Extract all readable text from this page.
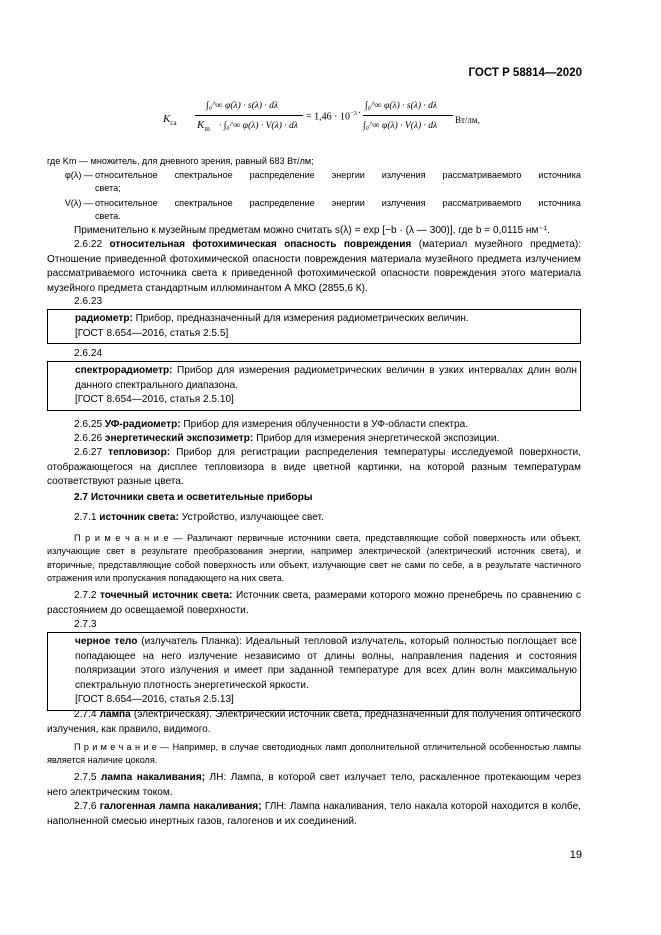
ГОСТ Р 58814—2020
$K_{ca}$
∫₀^∞ φ(λ) · s(λ) · dλ
$K_m$ · ∫₀^∞ φ(λ) · V(λ) · dλ
= $1,46 \cdot 10^{-3}$ ·
∫₀^∞ φ(λ) · s(λ) · dλ
∫₀^∞ φ(λ) · V(λ) · dλ
Вт/лм,
где Km — множитель, для дневного зрения, равный 683 Вт/лм;
φ(λ) — относительное спектральное распределение энергии излучения рассматриваемого источника
света;
V(λ) — относительное спектральное распределение энергии излучения рассматриваемого источника
света.
Применительно к музейным предметам можно считать s(λ) = exp [−b · (λ — 300)], где b = 0,0115 нм⁻¹.
2.6.22 относительная фотохимическая опасность повреждения (материал музейного предмета): Отношение приведенной фотохимической опасности повреждения материала музейного предмета излучением рассматриваемого источника света к приведенной фотохимической опасности повреждения этого материала музейного предмета стандартным иллюминантом А МКО (2855,6 К).
2.6.23
радиометр: Прибор, предназначенный для измерения радиометрических величин.
[ГОСТ 8.654—2016, статья 2.5.5]
2.6.24
спектрорадиометр: Прибор для измерения радиометрических величин в узких интервалах длин волн данного спектрального диапазона.
[ГОСТ 8.654—2016, статья 2.5.10]
2.6.25 УФ-радиометр: Прибор для измерения облученности в УФ-области спектра.
2.6.26 энергетический экспозиметр: Прибор для измерения энергетической экспозиции.
2.6.27 тепловизор: Прибор для регистрации распределения температуры исследуемой поверхности, отображающегося на дисплее тепловизора в виде цветной картинки, на которой разным температурам соответствуют разные цвета.
2.7 Источники света и осветительные приборы
2.7.1 источник света: Устройство, излучающее свет.
П р и м е ч а н и е — Различают первичные источники света, представляющие собой поверхность или объект, излучающие свет в результате преобразования энергии, например электрической (электрический источник света), и вторичные, представляющие собой поверхность или объект, излучающие свет не сами по себе, а в результате частичного отражения или пропускания попадающего на них света.
2.7.2 точечный источник света: Источник света, размерами которого можно пренебречь по сравнению с расстоянием до освещаемой поверхности.
2.7.3
черное тело (излучатель Планка): Идеальный тепловой излучатель, который полностью поглощает все попадающее на него излучение независимо от длины волны, направления падения и состояния поляризации этого излучения и имеет при заданной температуре для всех длин волн максимальную спектральную плотность энергетической яркости.
[ГОСТ 8.654—2016, статья 2.5.13]
2.7.4 лампа (электрическая). Электрический источник света, предназначенный для получения оптического излучения, как правило, видимого.
П р и м е ч а н и е — Например, в случае светодиодных ламп дополнительной отличительной особенностью лампы является наличие цоколя.
2.7.5 лампа накаливания; ЛН: Лампа, в которой свет излучает тело, раскаленное протекающим через него электрическим током.
2.7.6 галогенная лампа накаливания; ГЛН: Лампа накаливания, тело накала которой находится в колбе, наполненной смесью инертных газов, галогенов и их соединений.
19
